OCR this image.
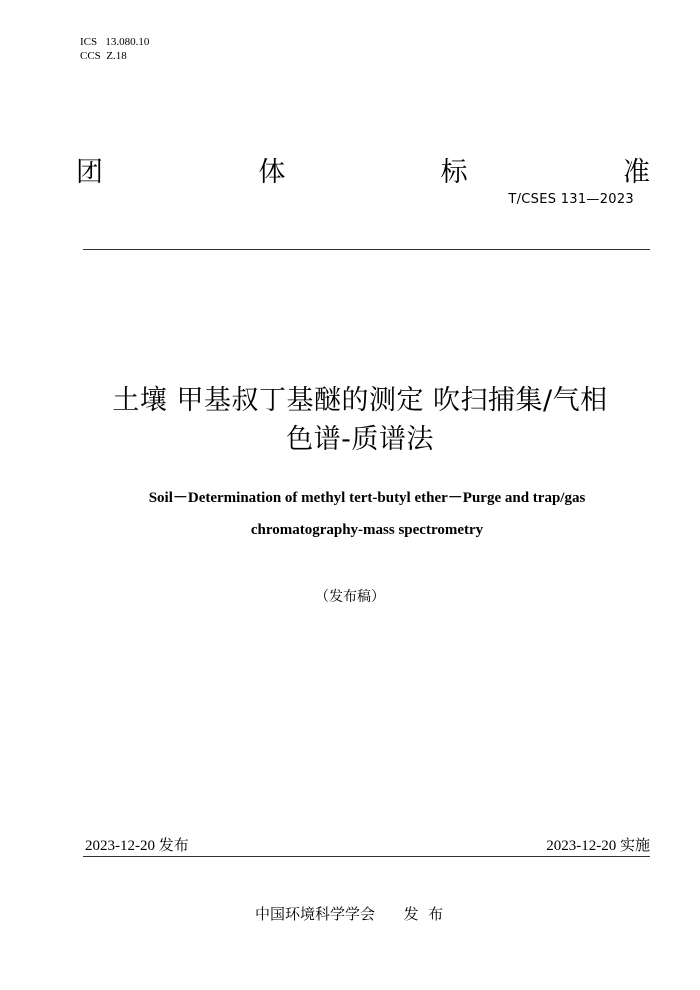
ICS   13.080.10
CCS  Z.18
团	体	标	准
T/CSES 131—2023
土壤 甲基叔丁基醚的测定 吹扫捕集/气相
色谱-质谱法
Soil－Determination of methyl tert-butyl ether－Purge and trap/gas
chromatography-mass spectrometry
（发布稿）
2023-12-20 发布	2023-12-20 实施
中国环境科学学会      发  布
